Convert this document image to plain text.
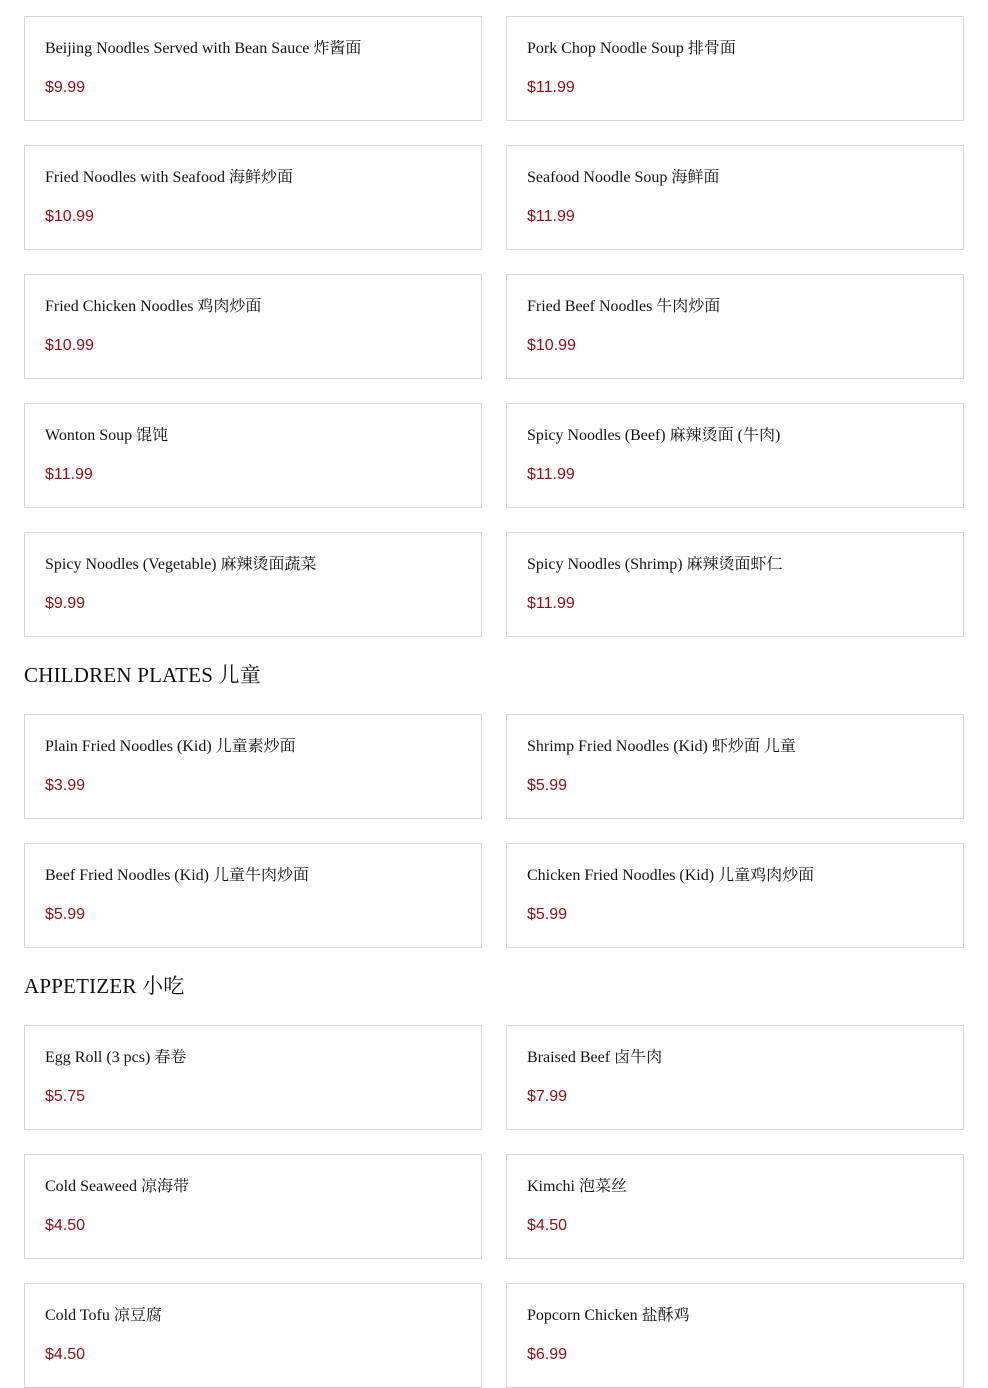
Beijing Noodles Served with Bean Sauce 炸酱面
$9.99
Pork Chop Noodle Soup 排骨面
$11.99
Fried Noodles with Seafood 海鲜炒面
$10.99
Seafood Noodle Soup 海鲜面
$11.99
Fried Chicken Noodles 鸡肉炒面
$10.99
Fried Beef Noodles 牛肉炒面
$10.99
Wonton Soup 馄饨
$11.99
Spicy Noodles (Beef) 麻辣烫面 (牛肉)
$11.99
Spicy Noodles (Vegetable) 麻辣烫面蔬菜
$9.99
Spicy Noodles (Shrimp) 麻辣烫面虾仁
$11.99
CHILDREN PLATES 儿童
Plain Fried Noodles (Kid) 儿童素炒面
$3.99
Shrimp Fried Noodles (Kid) 虾炒面 儿童
$5.99
Beef Fried Noodles (Kid) 儿童牛肉炒面
$5.99
Chicken Fried Noodles (Kid) 儿童鸡肉炒面
$5.99
APPETIZER 小吃
Egg Roll (3 pcs) 春卷
$5.75
Braised Beef 卤牛肉
$7.99
Cold Seaweed 凉海带
$4.50
Kimchi 泡菜丝
$4.50
Cold Tofu 凉豆腐
$4.50
Popcorn Chicken 盐酥鸡
$6.99
